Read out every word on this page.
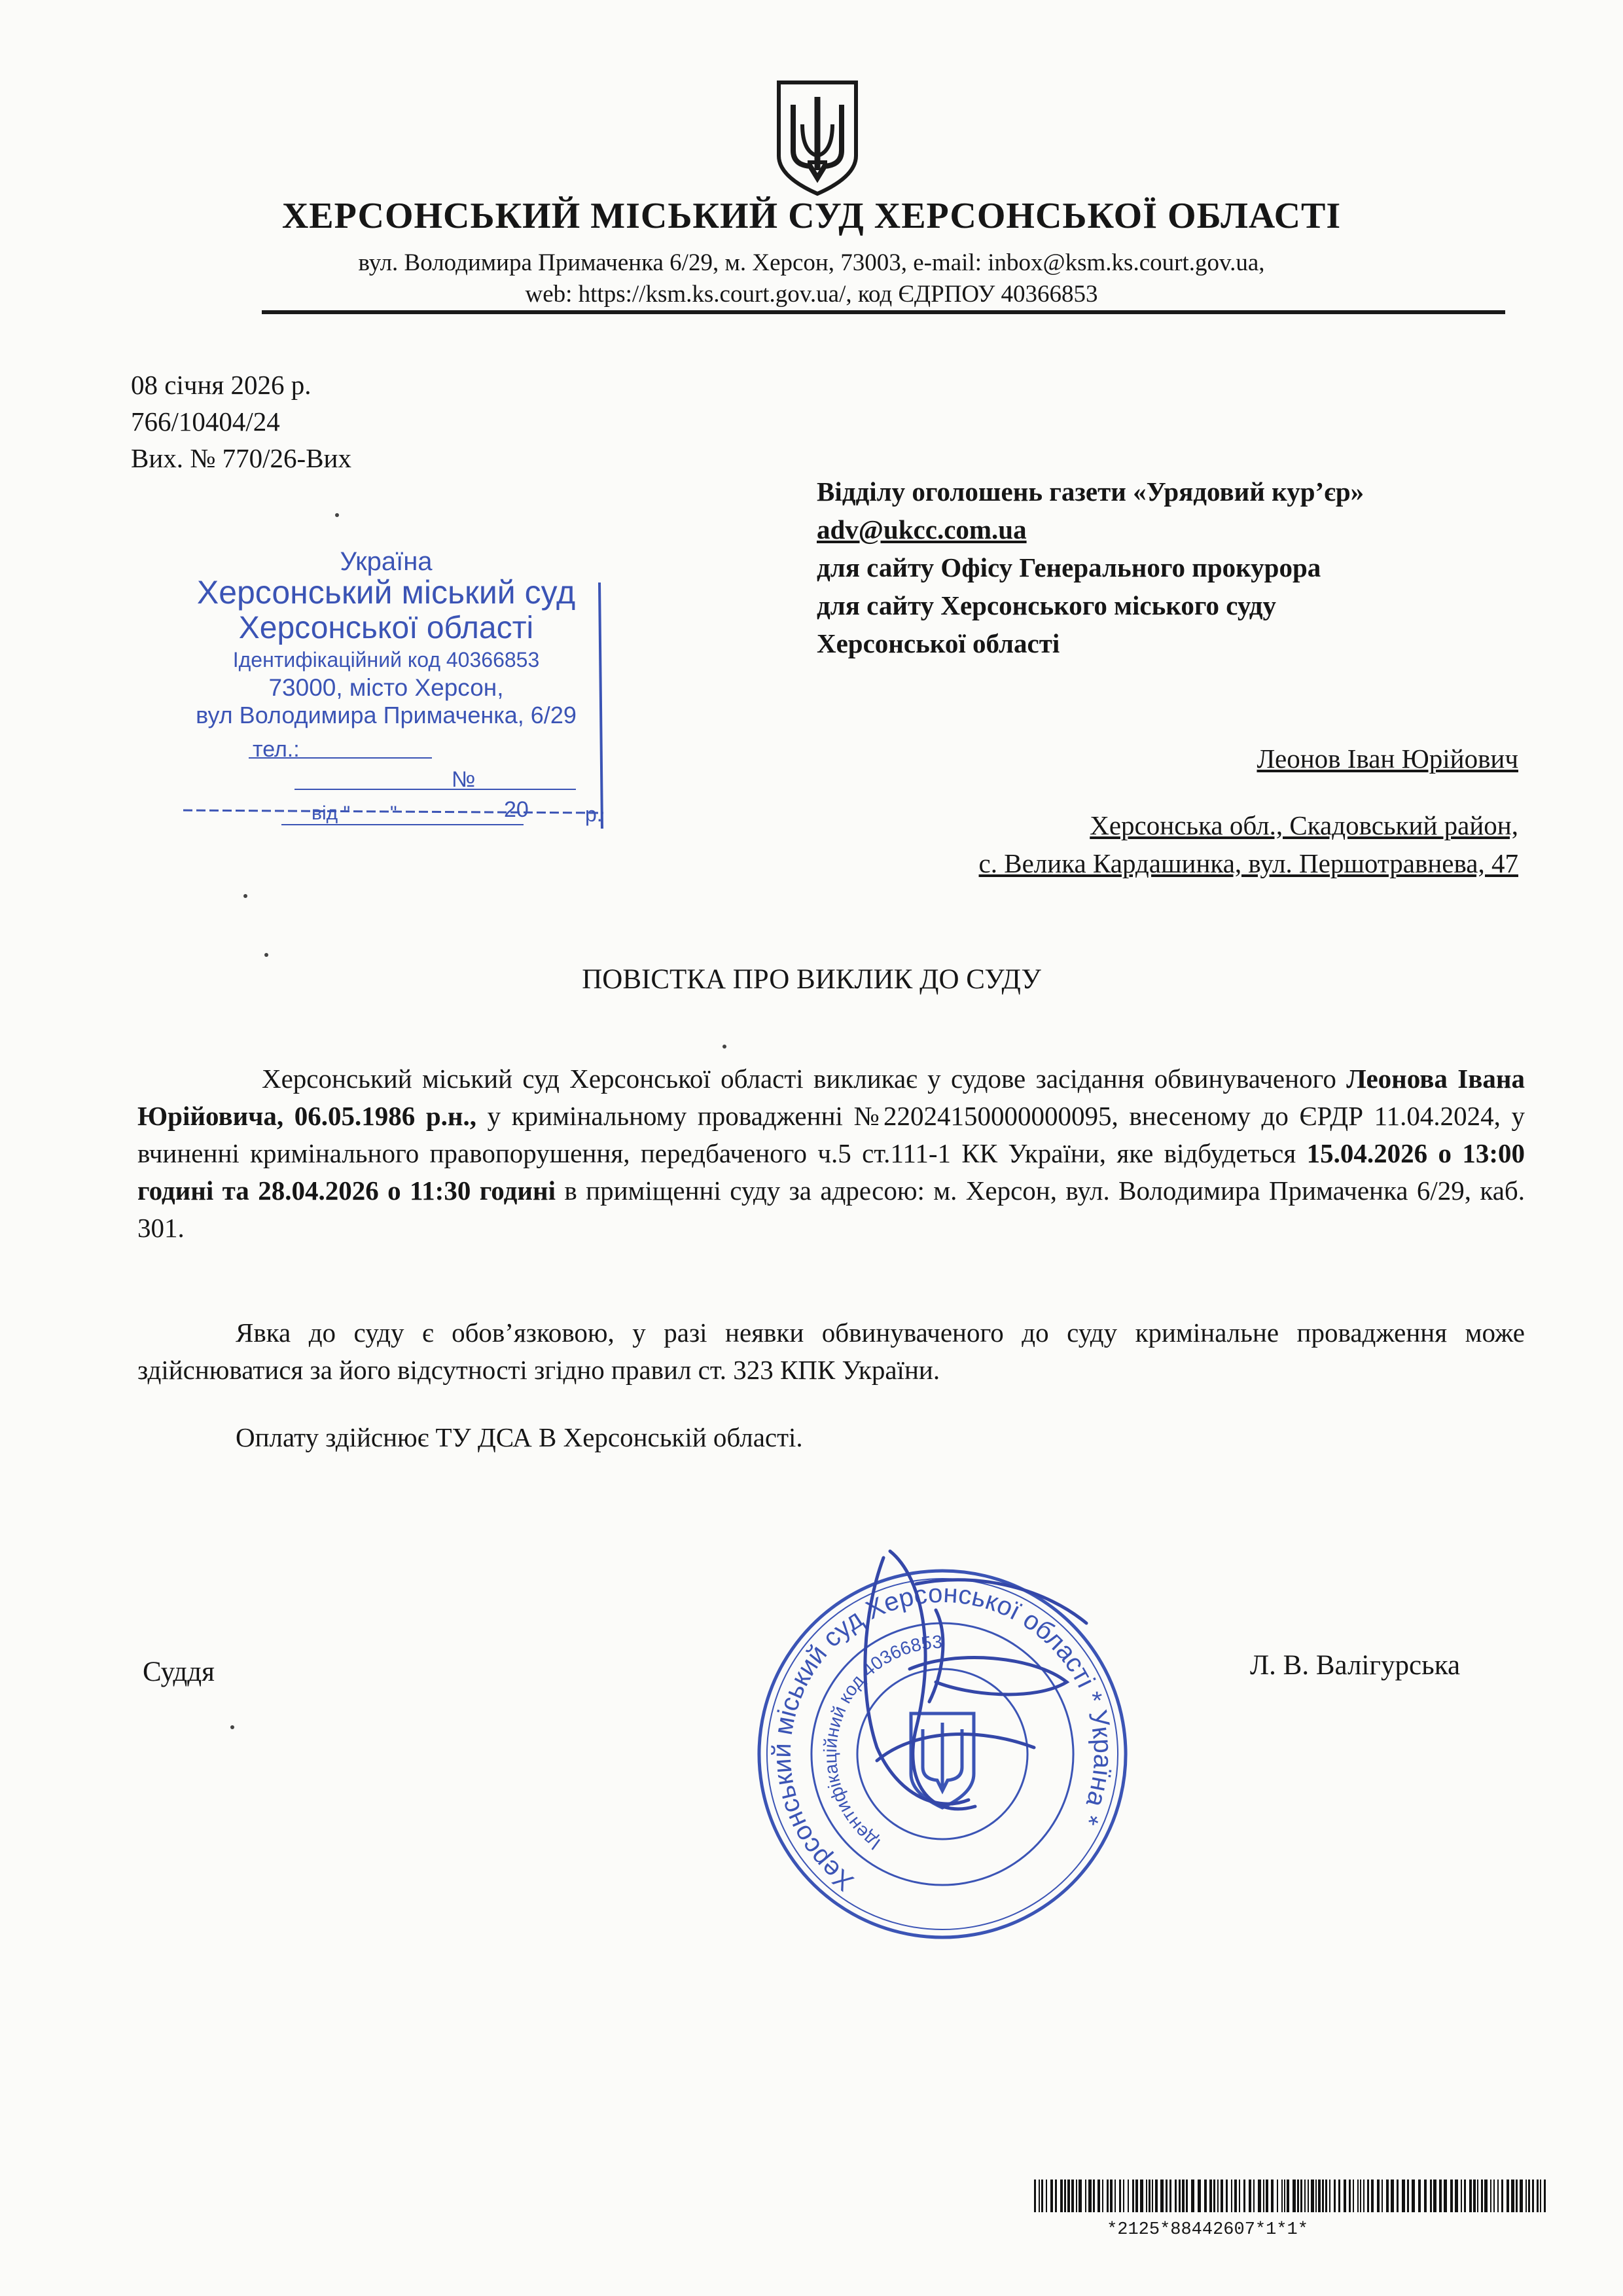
ХЕРСОНСЬКИЙ МІСЬКИЙ СУД ХЕРСОНСЬКОЇ ОБЛАСТІ
вул. Володимира Примаченка 6/29, м. Херсон, 73003, e-mail: inbox@ksm.ks.court.gov.ua,
web: https://ksm.ks.court.gov.ua/, код ЄДРПОУ 40366853
08 січня 2026 р.
766/10404/24
Вих. № 770/26-Вих
Відділу оголошень газети «Урядовий кур’єр»
adv@ukcc.com.ua
для сайту Офісу Генерального прокурора
для сайту Херсонського міського суду
Херсонської області
Леонов Іван Юрійович
Херсонська обл., Скадовський район,
с. Велика Кардашинка, вул. Першотравнева, 47
Україна
Херсонський міський суд
Херсонської області
Ідентифікаційний код 40366853
73000, місто Херсон,
вул Володимира Примаченка, 6/29
тел.:
№
від " "	20	р.
ПОВІСТКА ПРО ВИКЛИК ДО СУДУ
Херсонський міський суд Херсонської області викликає у судове засідання обвинуваченого Леонова Івана Юрійовича, 06.05.1986 р.н., у кримінальному провадженні №22024150000000095, внесеному до ЄРДР 11.04.2024, у вчиненні кримінального правопорушення, передбаченого ч.5 ст.111-1 КК України, яке відбудеться 15.04.2026 о 13:00 годині та 28.04.2026 о 11:30 годині в приміщенні суду за адресою: м. Херсон, вул. Володимира Примаченка 6/29, каб. 301.
Явка до суду є обов’язковою, у разі неявки обвинуваченого до суду кримінальне провадження може здійснюватися за його відсутності згідно правил ст. 323 КПК України.
Оплату здійснює ТУ ДСА В Херсонській області.
Суддя	Л. В. Валігурська
Херсонський міський суд Херсонської області * Україна *
Ідентифікаційний код 40366853
*2125*88442607*1*1*
